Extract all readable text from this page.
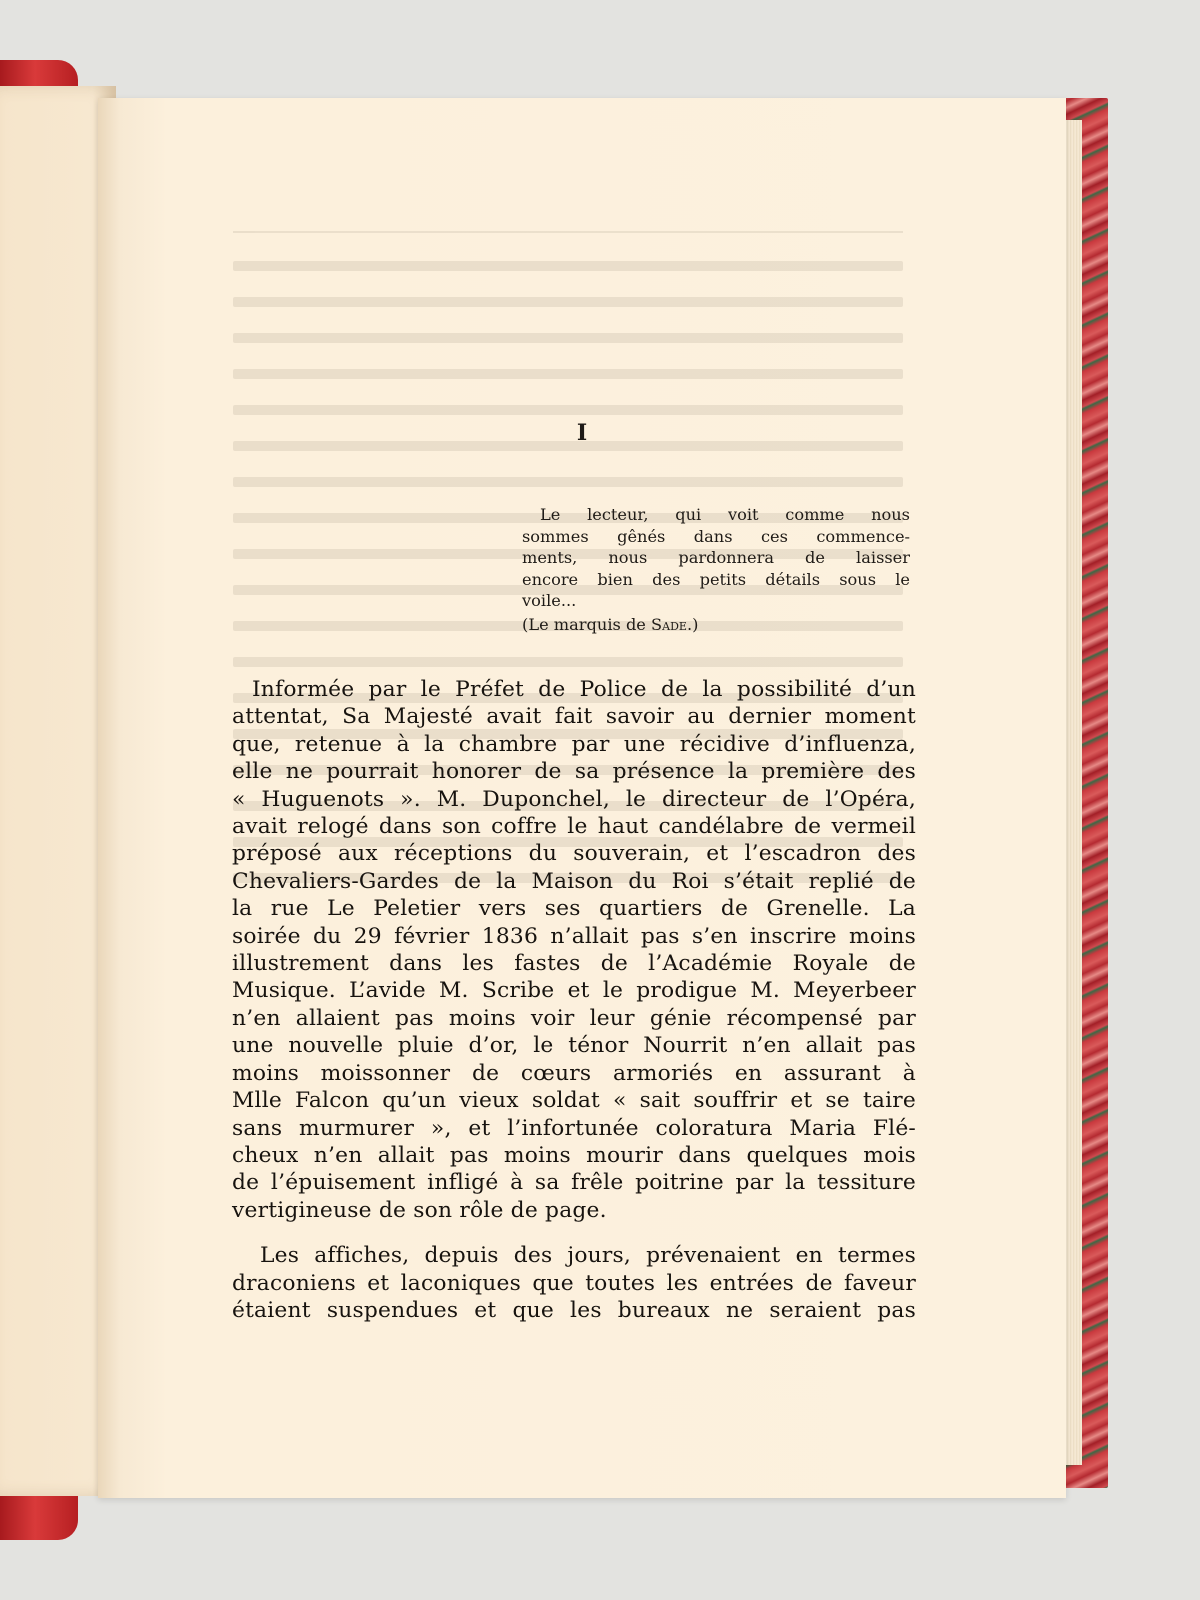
I
Le lecteur, qui voit comme nous
sommes gênés dans ces commence-
ments, nous pardonnera de laisser
encore bien des petits détails sous le
voile...
(Le marquis de Sade.)
Informée par le Préfet de Police de la possibilité d’un
attentat, Sa Majesté avait fait savoir au dernier moment
que, retenue à la chambre par une récidive d’influenza,
elle ne pourrait honorer de sa présence la première des
« Huguenots ». M. Duponchel, le directeur de l’Opéra,
avait relogé dans son coffre le haut candélabre de vermeil
préposé aux réceptions du souverain, et l’escadron des
Chevaliers-Gardes de la Maison du Roi s’était replié de
la rue Le Peletier vers ses quartiers de Grenelle. La
soirée du 29 février 1836 n’allait pas s’en inscrire moins
illustrement dans les fastes de l’Académie Royale de
Musique. L’avide M. Scribe et le prodigue M. Meyerbeer
n’en allaient pas moins voir leur génie récompensé par
une nouvelle pluie d’or, le ténor Nourrit n’en allait pas
moins moissonner de cœurs armoriés en assurant à
Mlle Falcon qu’un vieux soldat « sait souffrir et se taire
sans murmurer », et l’infortunée coloratura Maria Flé-
cheux n’en allait pas moins mourir dans quelques mois
de l’épuisement infligé à sa frêle poitrine par la tessiture
vertigineuse de son rôle de page.
Les affiches, depuis des jours, prévenaient en termes
draconiens et laconiques que toutes les entrées de faveur
étaient suspendues et que les bureaux ne seraient pas
